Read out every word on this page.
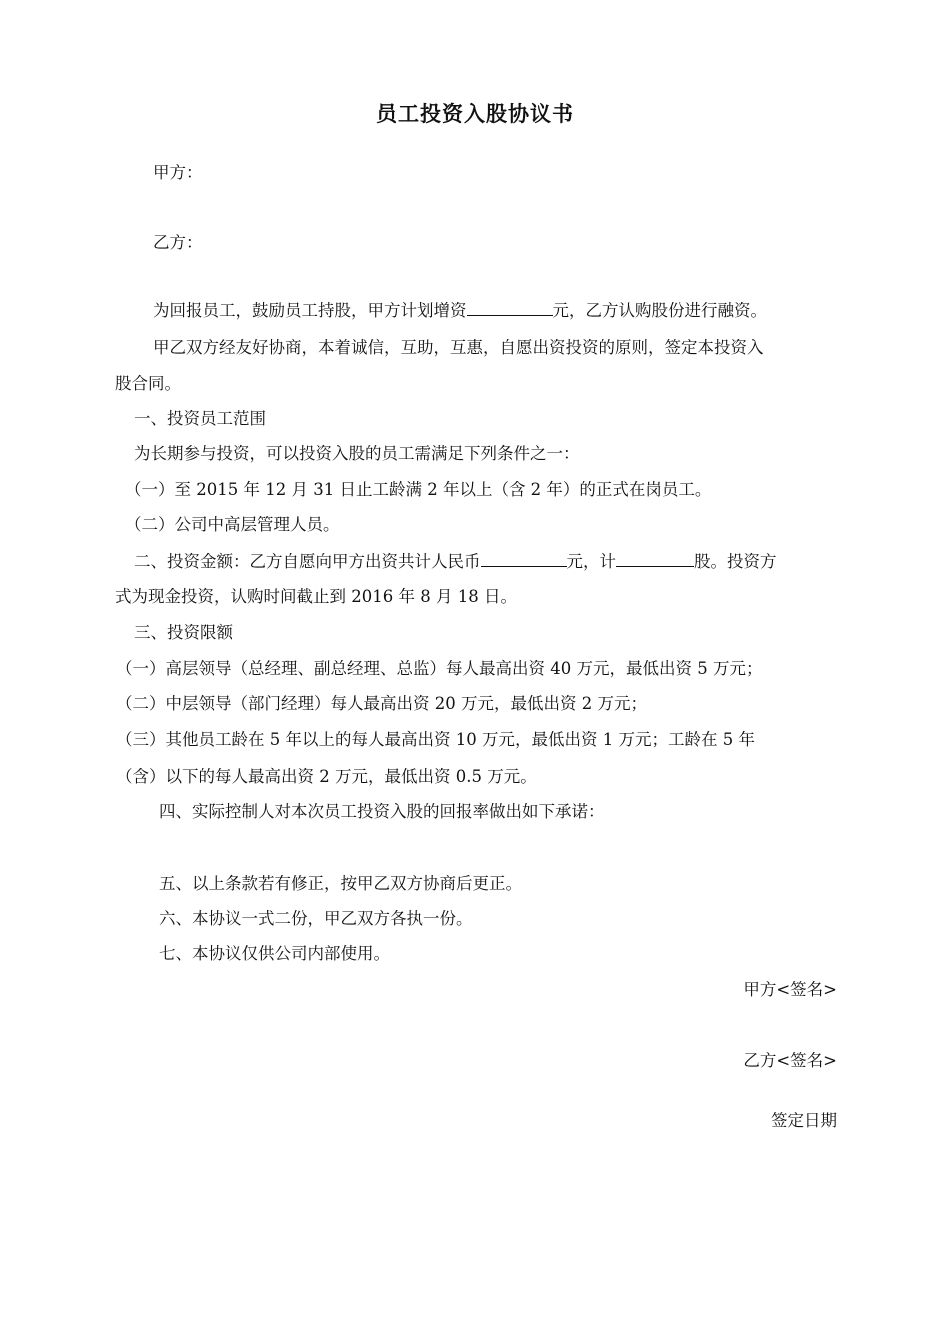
员工投资入股协议书
甲方：
乙方：
为回报员工，鼓励员工持股，甲方计划增资	元，乙方认购股份进行融资。
甲乙双方经友好协商，本着诚信，互助，互惠，自愿出资投资的原则，签定本投资入
股合同。
一、投资员工范围
为长期参与投资，可以投资入股的员工需满足下列条件之一：
（一）至 2015 年 12 月 31 日止工龄满 2 年以上（含 2 年）的正式在岗员工。
（二）公司中高层管理人员。
二、投资金额：乙方自愿向甲方出资共计人民币	元，计	股。投资方
式为现金投资，认购时间截止到 2016 年 8 月 18 日。
三、投资限额
（一）高层领导（总经理、副总经理、总监）每人最高出资 40 万元，最低出资 5 万元；
（二）中层领导（部门经理）每人最高出资 20 万元，最低出资 2 万元；
（三）其他员工龄在 5 年以上的每人最高出资 10 万元，最低出资 1 万元；工龄在 5 年
（含）以下的每人最高出资 2 万元，最低出资 0.5 万元。
四、实际控制人对本次员工投资入股的回报率做出如下承诺：
五、以上条款若有修正，按甲乙双方协商后更正。
六、本协议一式二份，甲乙双方各执一份。
七、本协议仅供公司内部使用。
甲方<签名>
乙方<签名>
签定日期
